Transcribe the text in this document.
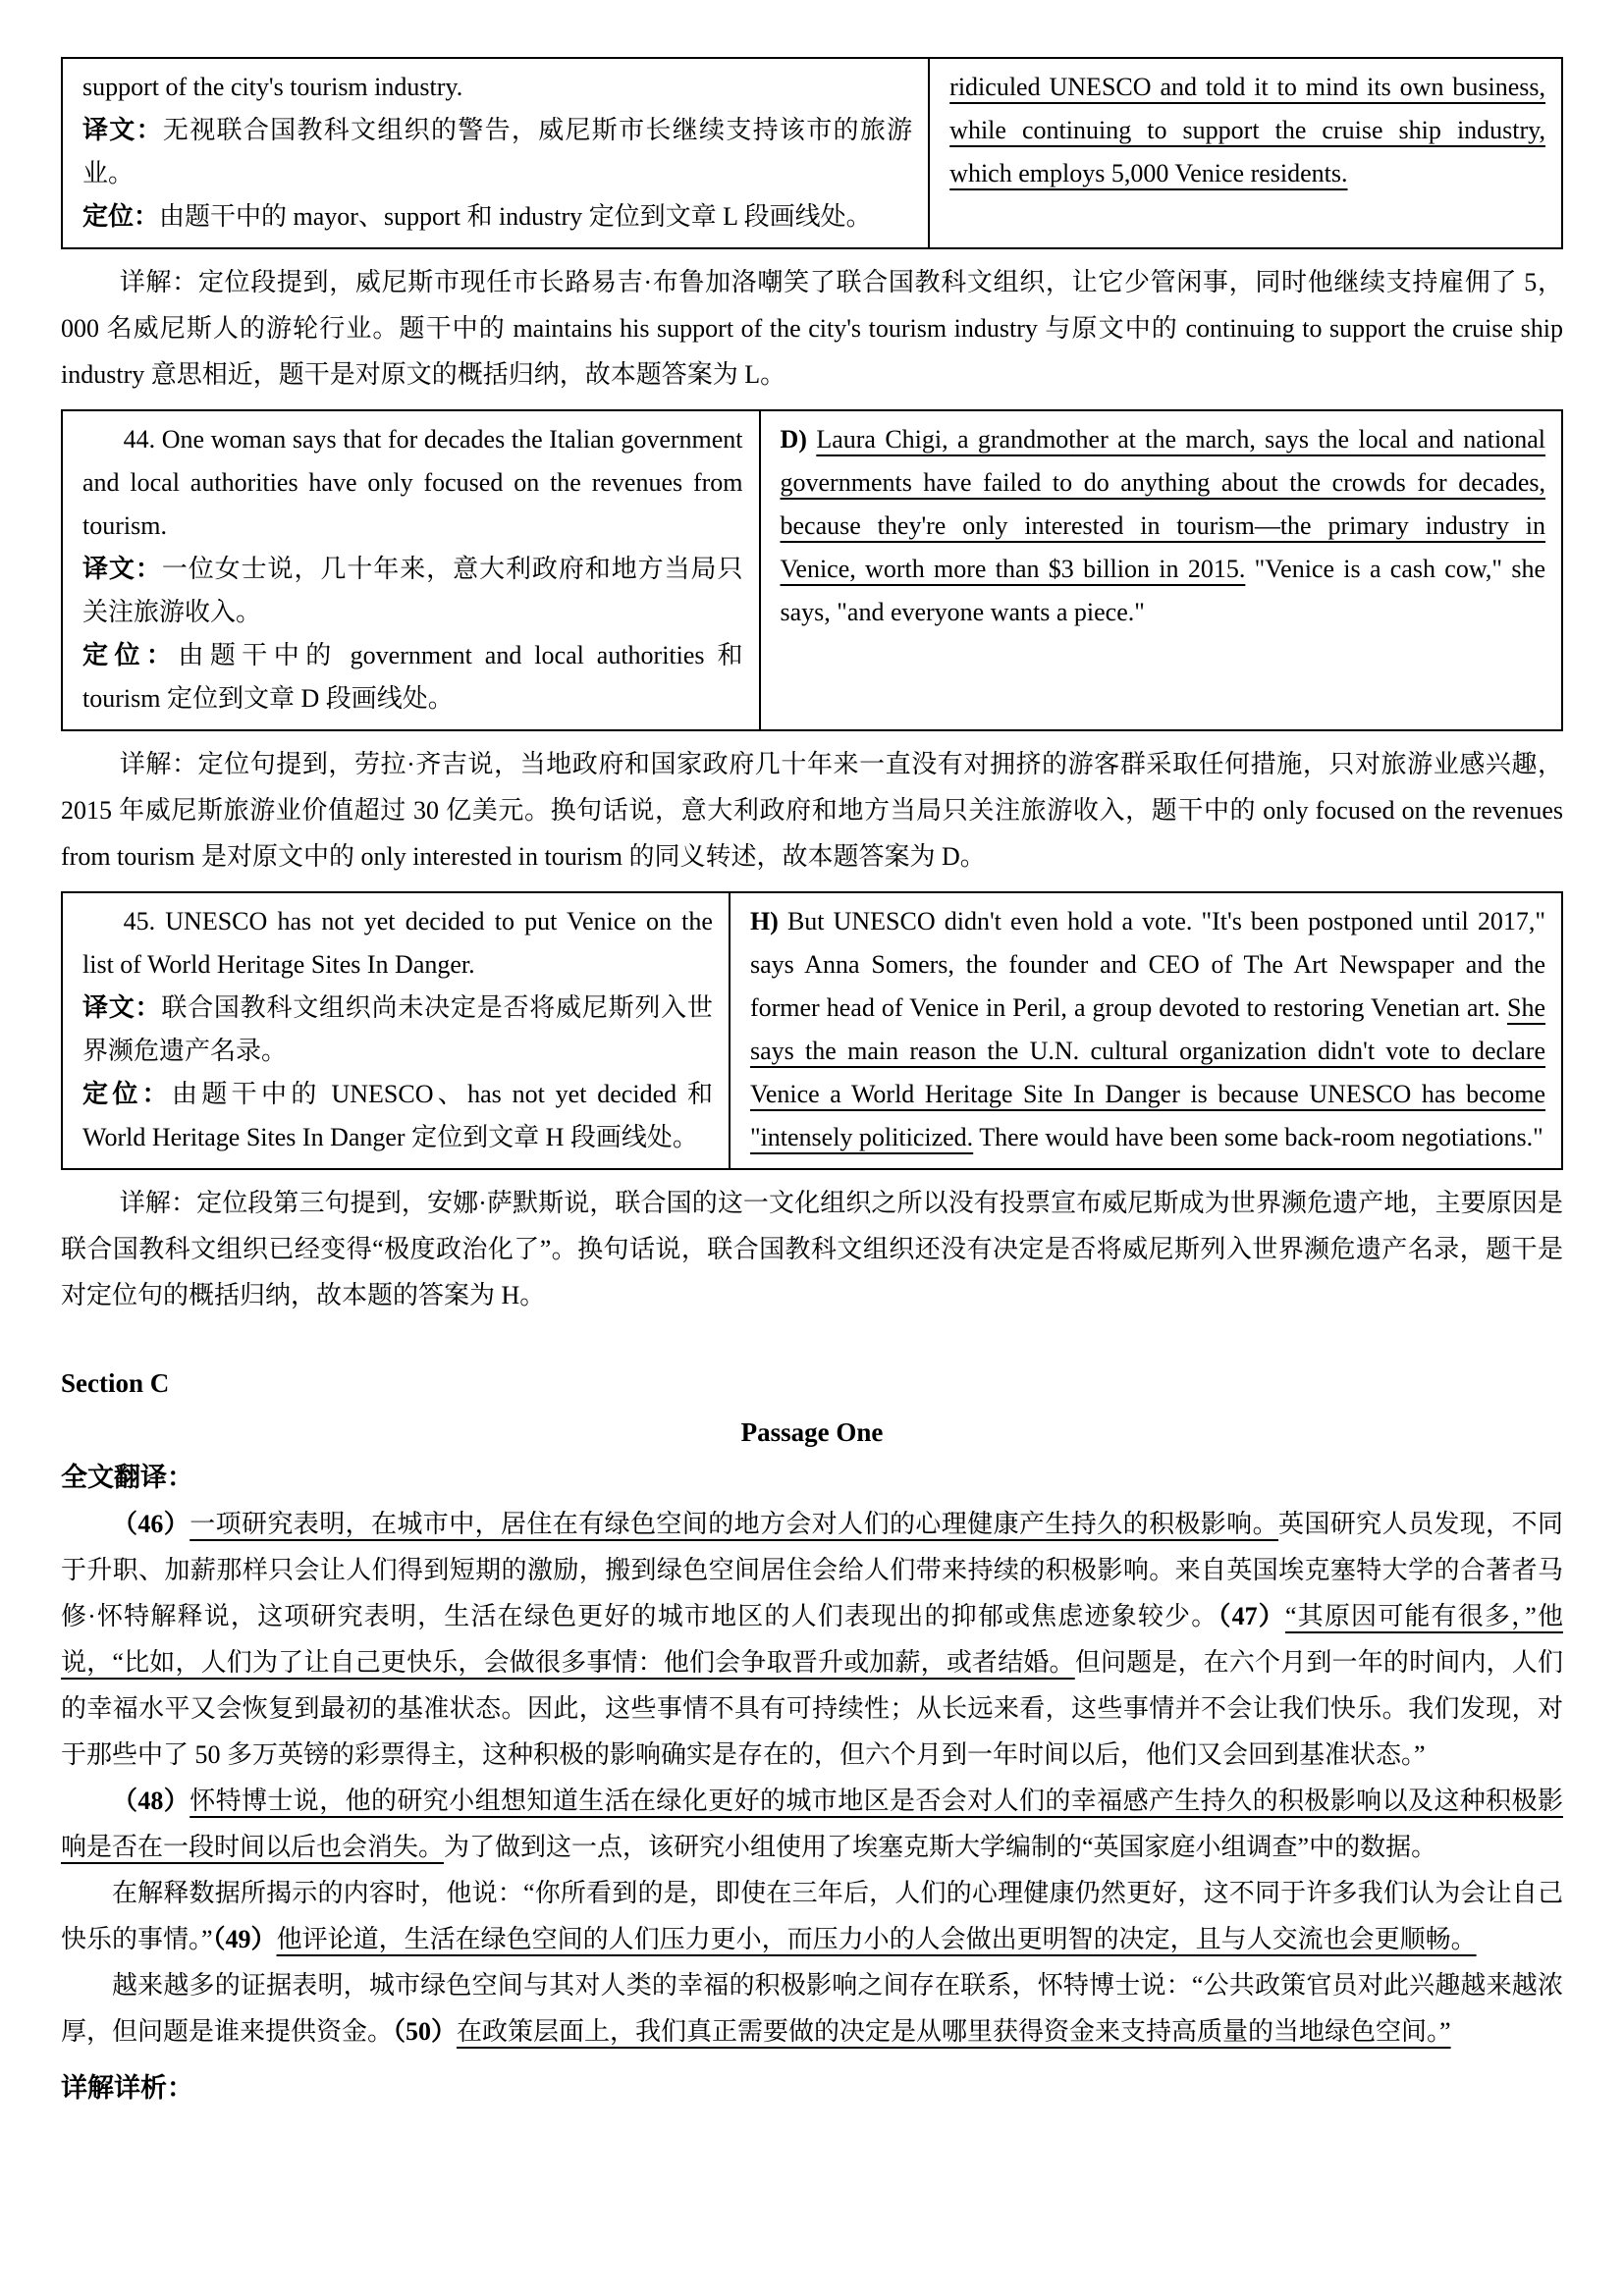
support of the city's tourism industry.
译文：无视联合国教科文组织的警告，威尼斯市长继续支持该市的旅游业。
定位：由题干中的 mayor、support 和 industry 定位到文章 L 段画线处。
	ridiculed UNESCO and told it to mind its own business, while continuing to support the cruise ship industry, which employs 5,000 Venice residents.

详解：定位段提到，威尼斯市现任市长路易吉·布鲁加洛嘲笑了联合国教科文组织，让它少管闲事，同时他继续支持雇佣了 5，000 名威尼斯人的游轮行业。题干中的 maintains his support of the city's tourism industry 与原文中的 continuing to support the cruise ship industry 意思相近，题干是对原文的概括归纳，故本题答案为 L。

44. One woman says that for decades the Italian government and local authorities have only focused on the revenues from tourism.
译文：一位女士说，几十年来，意大利政府和地方当局只关注旅游收入。
定位：由题干中的 government and local authorities 和 tourism 定位到文章 D 段画线处。
	D) Laura Chigi, a grandmother at the march, says the local and national governments have failed to do anything about the crowds for decades, because they're only interested in tourism—the primary industry in Venice, worth more than $3 billion in 2015. "Venice is a cash cow," she says, "and everyone wants a piece."

详解：定位句提到，劳拉·齐吉说，当地政府和国家政府几十年来一直没有对拥挤的游客群采取任何措施，只对旅游业感兴趣，2015 年威尼斯旅游业价值超过 30 亿美元。换句话说，意大利政府和地方当局只关注旅游收入，题干中的 only focused on the revenues from tourism 是对原文中的 only interested in tourism 的同义转述，故本题答案为 D。

45. UNESCO has not yet decided to put Venice on the list of World Heritage Sites In Danger.
译文：联合国教科文组织尚未决定是否将威尼斯列入世界濒危遗产名录。
定位：由题干中的 UNESCO、has not yet decided 和 World Heritage Sites In Danger 定位到文章 H 段画线处。
	H) But UNESCO didn't even hold a vote. "It's been postponed until 2017," says Anna Somers, the founder and CEO of The Art Newspaper and the former head of Venice in Peril, a group devoted to restoring Venetian art. She says the main reason the U.N. cultural organization didn't vote to declare Venice a World Heritage Site In Danger is because UNESCO has become "intensely politicized. There would have been some back-room negotiations."

详解：定位段第三句提到，安娜·萨默斯说，联合国的这一文化组织之所以没有投票宣布威尼斯成为世界濒危遗产地，主要原因是联合国教科文组织已经变得“极度政治化了”。换句话说，联合国教科文组织还没有决定是否将威尼斯列入世界濒危遗产名录，题干是对定位句的概括归纳，故本题的答案为 H。

Section C

Passage One

全文翻译：

（46）一项研究表明，在城市中，居住在有绿色空间的地方会对人们的心理健康产生持久的积极影响。英国研究人员发现，不同于升职、加薪那样只会让人们得到短期的激励，搬到绿色空间居住会给人们带来持续的积极影响。来自英国埃克塞特大学的合著者马修·怀特解释说，这项研究表明，生活在绿色更好的城市地区的人们表现出的抑郁或焦虑迹象较少。（47）“其原因可能有很多，”他说，“比如，人们为了让自己更快乐，会做很多事情：他们会争取晋升或加薪，或者结婚。但问题是，在六个月到一年的时间内，人们的幸福水平又会恢复到最初的基准状态。因此，这些事情不具有可持续性；从长远来看，这些事情并不会让我们快乐。我们发现，对于那些中了 50 多万英镑的彩票得主，这种积极的影响确实是存在的，但六个月到一年时间以后，他们又会回到基准状态。”

（48）怀特博士说，他的研究小组想知道生活在绿化更好的城市地区是否会对人们的幸福感产生持久的积极影响以及这种积极影响是否在一段时间以后也会消失。为了做到这一点，该研究小组使用了埃塞克斯大学编制的“英国家庭小组调查”中的数据。

在解释数据所揭示的内容时，他说：“你所看到的是，即使在三年后，人们的心理健康仍然更好，这不同于许多我们认为会让自己快乐的事情。”（49）他评论道，生活在绿色空间的人们压力更小，而压力小的人会做出更明智的决定，且与人交流也会更顺畅。

越来越多的证据表明，城市绿色空间与其对人类的幸福的积极影响之间存在联系，怀特博士说：“公共政策官员对此兴趣越来越浓厚，但问题是谁来提供资金。（50）在政策层面上，我们真正需要做的决定是从哪里获得资金来支持高质量的当地绿色空间。”

详解详析：
